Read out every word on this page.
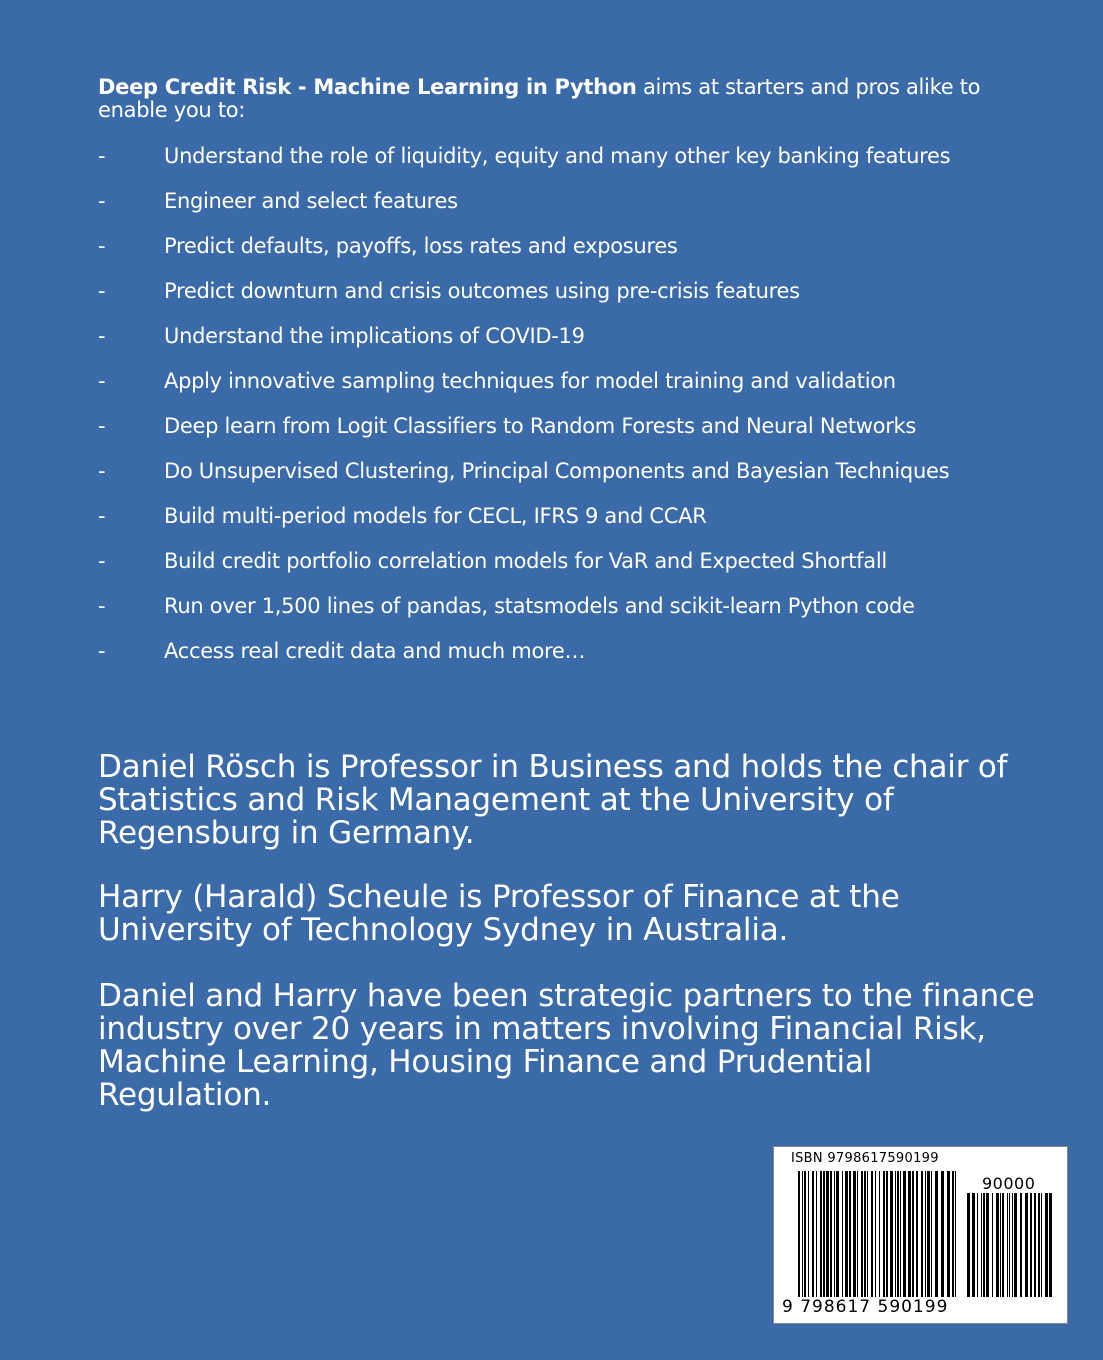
Deep Credit Risk - Machine Learning in Python aims at starters and pros alike to enable you to:
-	Understand the role of liquidity, equity and many other key banking features
-	Engineer and select features
-	Predict defaults, payoffs, loss rates and exposures
-	Predict downturn and crisis outcomes using pre-crisis features
-	Understand the implications of COVID-19
-	Apply innovative sampling techniques for model training and validation
-	Deep learn from Logit Classifiers to Random Forests and Neural Networks
-	Do Unsupervised Clustering, Principal Components and Bayesian Techniques
-	Build multi-period models for CECL, IFRS 9 and CCAR
-	Build credit portfolio correlation models for VaR and Expected Shortfall
-	Run over 1,500 lines of pandas, statsmodels and scikit-learn Python code
-	Access real credit data and much more…

Daniel Rösch is Professor in Business and holds the chair of Statistics and Risk Management at the University of Regensburg in Germany.

Harry (Harald) Scheule is Professor of Finance at the University of Technology Sydney in Australia.

Daniel and Harry have been strategic partners to the finance industry over 20 years in matters involving Financial Risk, Machine Learning, Housing Finance and Prudential Regulation.

ISBN 9798617590199
90000
9 798617 590199
